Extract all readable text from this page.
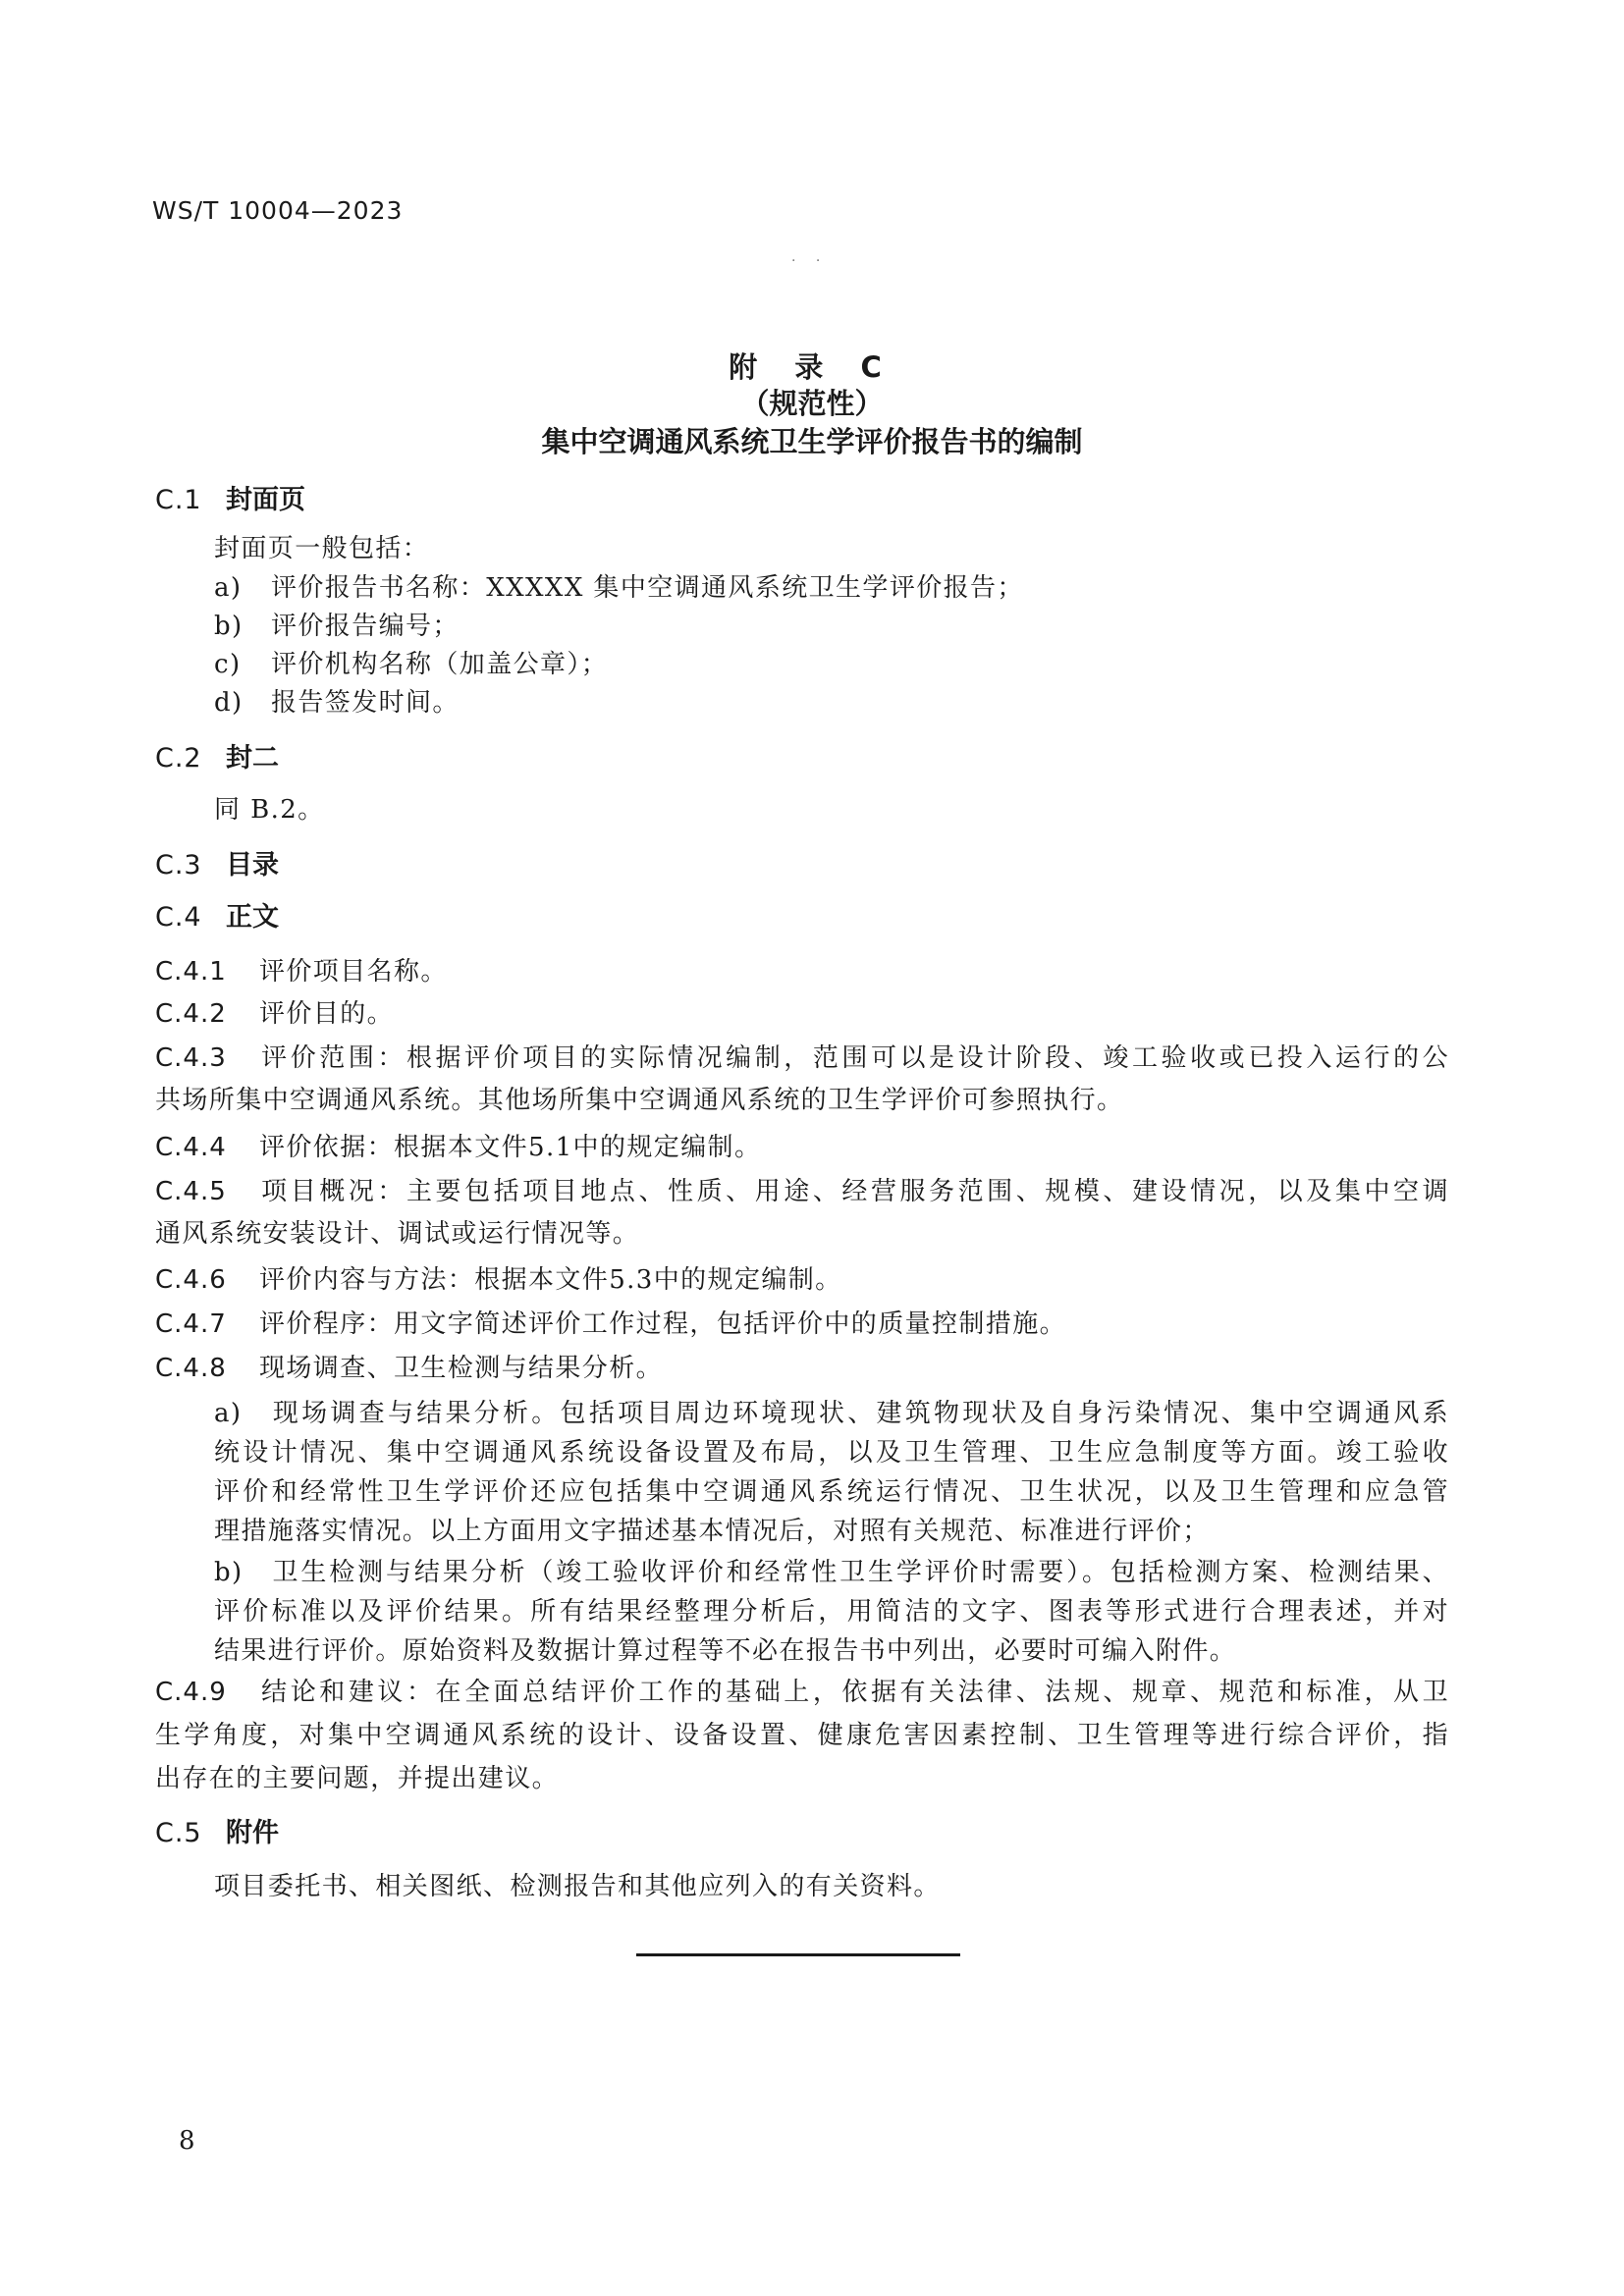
WS/T 10004—2023
· ·
附 录 C
（规范性）
集中空调通风系统卫生学评价报告书的编制
C.1 封面页
封面页一般包括：
a) 评价报告书名称：XXXXX 集中空调通风系统卫生学评价报告；
b) 评价报告编号；
c) 评价机构名称（加盖公章）；
d) 报告签发时间。
C.2 封二
同 B.2。
C.3 目录
C.4 正文
C.4.1 评价项目名称。
C.4.2 评价目的。
C.4.3 评价范围：根据评价项目的实际情况编制，范围可以是设计阶段、竣工验收或已投入运行的公
共场所集中空调通风系统。其他场所集中空调通风系统的卫生学评价可参照执行。
C.4.4 评价依据：根据本文件5.1中的规定编制。
C.4.5 项目概况：主要包括项目地点、性质、用途、经营服务范围、规模、建设情况，以及集中空调
通风系统安装设计、调试或运行情况等。
C.4.6 评价内容与方法：根据本文件5.3中的规定编制。
C.4.7 评价程序：用文字简述评价工作过程，包括评价中的质量控制措施。
C.4.8 现场调查、卫生检测与结果分析。
a) 现场调查与结果分析。包括项目周边环境现状、建筑物现状及自身污染情况、集中空调通风系
统设计情况、集中空调通风系统设备设置及布局，以及卫生管理、卫生应急制度等方面。竣工验收
评价和经常性卫生学评价还应包括集中空调通风系统运行情况、卫生状况，以及卫生管理和应急管
理措施落实情况。以上方面用文字描述基本情况后，对照有关规范、标准进行评价；
b) 卫生检测与结果分析（竣工验收评价和经常性卫生学评价时需要）。包括检测方案、检测结果、
评价标准以及评价结果。所有结果经整理分析后，用简洁的文字、图表等形式进行合理表述，并对
结果进行评价。原始资料及数据计算过程等不必在报告书中列出，必要时可编入附件。
C.4.9 结论和建议：在全面总结评价工作的基础上，依据有关法律、法规、规章、规范和标准，从卫
生学角度，对集中空调通风系统的设计、设备设置、健康危害因素控制、卫生管理等进行综合评价，指
出存在的主要问题，并提出建议。
C.5 附件
项目委托书、相关图纸、检测报告和其他应列入的有关资料。
8
